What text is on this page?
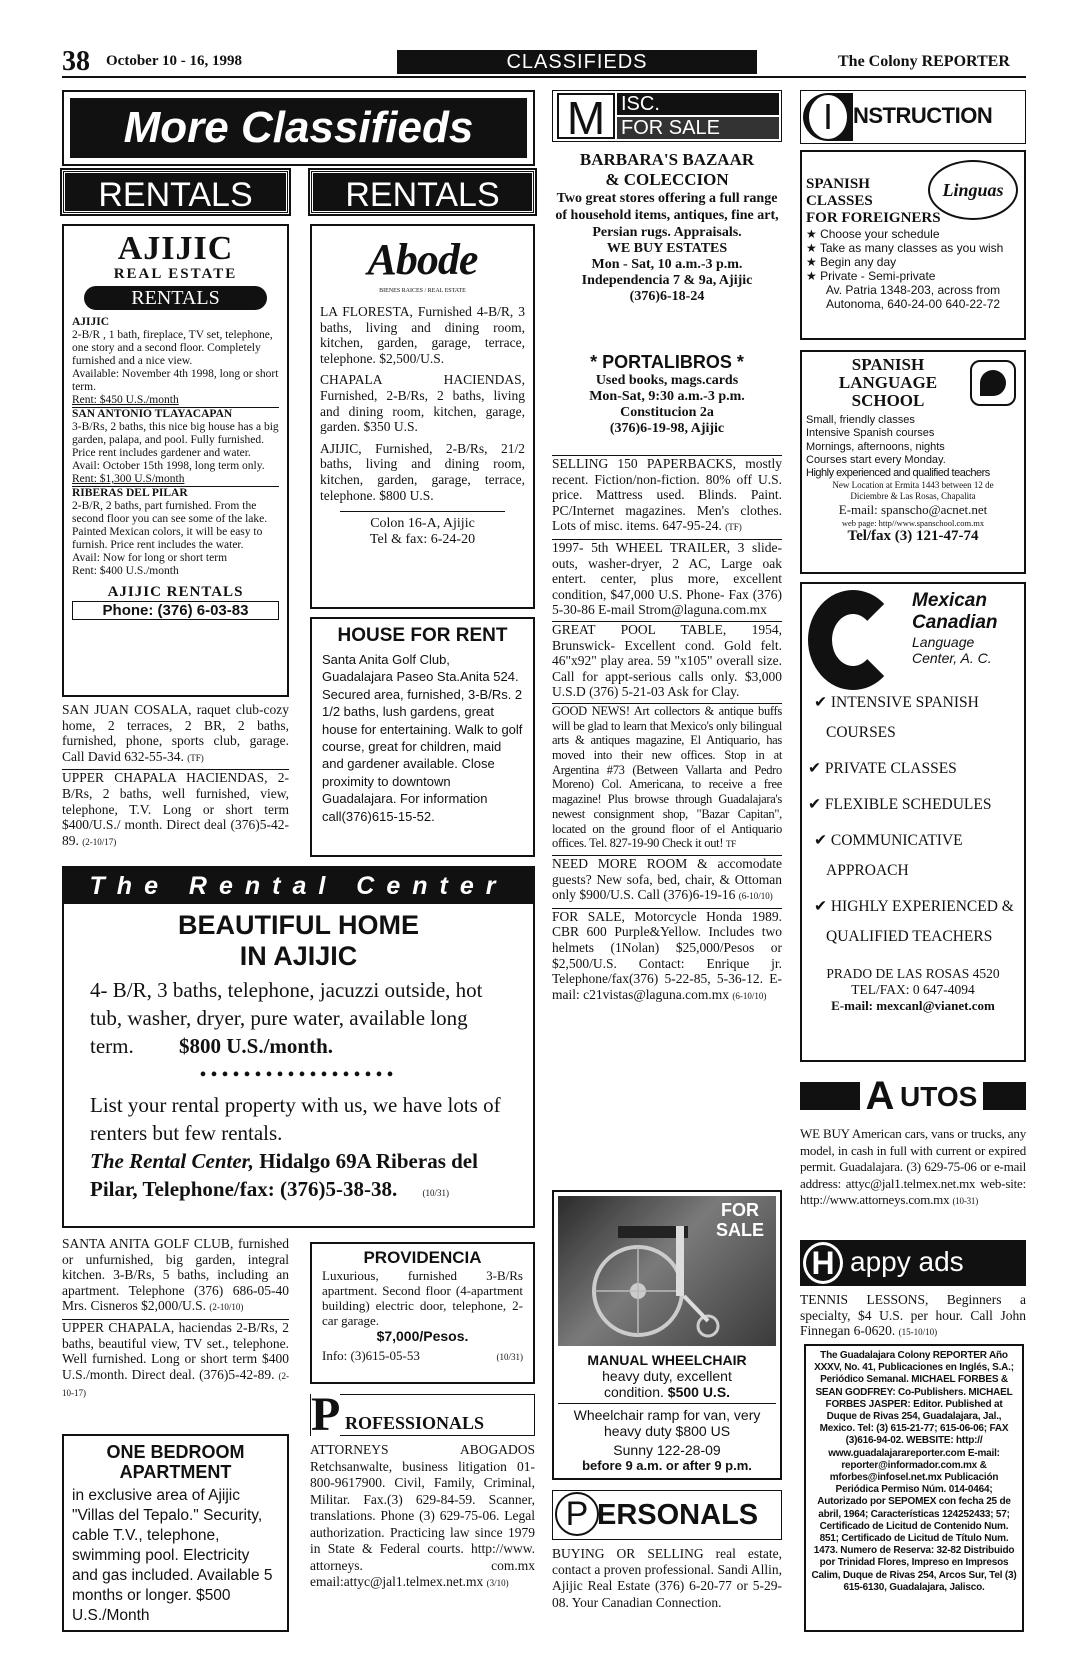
38 October 10 - 16, 1998	CLASSIFIEDS	The Colony REPORTER
More Classifieds
RENTALS	RENTALS
AJIJIC
REAL ESTATE
RENTALS
AJIJIC
2-B/R , 1 bath, fireplace, TV set, telephone, one story and a second floor. Completely furnished and a nice view.
Available: November 4th 1998, long or short term.
Rent: $450 U.S./month
SAN ANTONIO TLAYACAPAN
3-B/Rs, 2 baths, this nice big house has a big garden, palapa, and pool. Fully furnished. Price rent includes gardener and water.
Avail: October 15th 1998, long term only.
Rent: $1,300 U.S/month
RIBERAS DEL PILAR
2-B/R, 2 baths, part furnished. From the second floor you can see some of the lake. Painted Mexican colors, it will be easy to furnish. Price rent includes the water.
Avail: Now for long or short term
Rent: $400 U.S./month
AJIJIC RENTALS
Phone: (376) 6-03-83

SAN JUAN COSALA, raquet club-cozy home, 2 terraces, 2 BR, 2 baths, furnished, phone, sports club, garage. Call David 632-55-34. (TF)

UPPER CHAPALA HACIENDAS, 2-B/Rs, 2 baths, well furnished, view, telephone, T.V. Long or short term $400/U.S./ month. Direct deal (376)5-42-89. (2-10/17)

Abode
BIENES RAICES / REAL ESTATE

LA FLORESTA, Furnished 4-B/R, 3 baths, living and dining room, kitchen, garden, garage, terrace, telephone. $2,500/U.S.

CHAPALA HACIENDAS, Furnished, 2-B/Rs, 2 baths, living and dining room, kitchen, garage, garden. $350 U.S.

AJIJIC, Furnished, 2-B/Rs, 21/2 baths, living and dining room, kitchen, garden, garage, terrace, telephone. $800 U.S.

Colon 16-A, Ajijic
Tel & fax: 6-24-20
HOUSE FOR RENT

Santa Anita Golf Club, Guadalajara Paseo Sta.Anita 524. Secured area, furnished, 3-B/Rs. 2 1/2 baths, lush gardens, great house for entertaining. Walk to golf course, great for children, maid and gardener available. Close proximity to downtown Guadalajara. For information call(376)615-15-52.

The Rental Center
BEAUTIFUL HOME
IN AJIJIC

4- B/R, 3 baths, telephone, jacuzzi outside, hot tub, washer, dryer, pure water, available long term. $800 U.S./month.

••••••••••••••••••

List your rental property with us, we have lots of renters but few rentals.
The Rental Center, Hidalgo 69A Riberas del Pilar, Telephone/fax: (376)5-38-38.	(10/31)

SANTA ANITA GOLF CLUB, furnished or unfurnished, big garden, integral kitchen. 3-B/Rs, 5 baths, including an apartment. Telephone (376) 686-05-40 Mrs. Cisneros $2,000/U.S. (2-10/10)

UPPER CHAPALA, haciendas 2-B/Rs, 2 baths, beautiful view, TV set., telephone. Well furnished. Long or short term $400 U.S./month. Direct deal. (376)5-42-89. (2-10-17)

ONE BEDROOM APARTMENT

in exclusive area of Ajijic "Villas del Tepalo." Security, cable T.V., telephone, swimming pool. Electricity and gas included. Available 5 months or longer. $500 U.S./Month

PROVIDENCIA

Luxurious, furnished 3-B/Rs apartment. Second floor (4-apartment building) electric door, telephone, 2-car garage.

$7,000/Pesos.
Info: (3)615-05-53	(10/31)
P ROFESSIONALS

ATTORNEYS ABOGADOS Retchsanwalte, business litigation 01-800-9617900. Civil, Family, Criminal, Militar. Fax.(3) 629-84-59. Scanner, translations. Phone (3) 629-75-06. Legal authorization. Practicing law since 1979 in State & Federal courts. http://www. attorneys. com.mx email:attyc@jal1.telmex.net.mx (3/10)

M ISC.
FOR SALE
BARBARA'S BAZAAR
& COLECCION

Two great stores offering a full range of household items, antiques, fine art, Persian rugs. Appraisals.

WE BUY ESTATES
Mon - Sat, 10 a.m.-3 p.m.
Independencia 7 & 9a, Ajijic
(376)6-18-24
* PORTALIBROS *
Used books, mags.cards
Mon-Sat, 9:30 a.m.-3 p.m.
Constitucion 2a
(376)6-19-98, Ajijic

SELLING 150 PAPERBACKS, mostly recent. Fiction/non-fiction. 80% off U.S. price. Mattress used. Blinds. Paint. PC/Internet magazines. Men's clothes. Lots of misc. items. 647-95-24. (TF)

1997- 5th WHEEL TRAILER, 3 slide-outs, washer-dryer, 2 AC, Large oak entert. center, plus more, excellent condition, $47,000 U.S. Phone- Fax (376) 5-30-86 E-mail Strom@laguna.com.mx

GREAT POOL TABLE, 1954, Brunswick- Excellent cond. Gold felt. 46"x92" play area. 59 "x105" overall size. Call for appt-serious calls only. $3,000 U.S.D (376) 5-21-03 Ask for Clay.

GOOD NEWS! Art collectors & antique buffs will be glad to learn that Mexico's only bilingual arts & antiques magazine, El Antiquario, has moved into their new offices. Stop in at Argentina #73 (Between Vallarta and Pedro Moreno) Col. Americana, to receive a free magazine! Plus browse through Guadalajara's newest consignment shop, "Bazar Capitan", located on the ground floor of el Antiquario offices. Tel. 827-19-90 Check it out! TF

NEED MORE ROOM & accomodate guests? New sofa, bed, chair, & Ottoman only $900/U.S. Call (376)6-19-16 (6-10/10)

FOR SALE, Motorcycle Honda 1989. CBR 600 Purple&Yellow. Includes two helmets (1Nolan) $25,000/Pesos or $2,500/U.S. Contact: Enrique jr. Telephone/fax(376) 5-22-85, 5-36-12. E-mail: c21vistas@laguna.com.mx (6-10/10)

FOR
SALE
MANUAL WHEELCHAIR
heavy duty, excellent
condition. $500 U.S.

Wheelchair ramp for van, very heavy duty $800 US

Sunny 122-28-09
before 9 a.m. or after 9 p.m.
P ERSONALS

BUYING OR SELLING real estate, contact a proven professional. Sandi Allin, Ajijic Real Estate (376) 6-20-77 or 5-29-08. Your Canadian Connection.

I NSTRUCTION
SPANISH
CLASSES
FOR FOREIGNERS
Linguas
★ Choose your schedule
★ Take as many classes as you wish
★ Begin any day
★ Private - Semi-private
Av. Patria 1348-203, across from Autonoma, 640-24-00 640-22-72
SPANISH
LANGUAGE
SCHOOL
Small, friendly classes
Intensive Spanish courses
Mornings, afternoons, nights
Courses start every Monday.
Highly experienced and qualified teachers
New Location at Ermita 1443 between 12 de Diciembre & Las Rosas, Chapalita
E-mail: spanscho@acnet.net
web page: http//www.spanschool.com.mx
Tel/fax (3) 121-47-74
Mexican
Canadian
Language
Center, A. C.
✔ INTENSIVE SPANISH COURSES
✔ PRIVATE CLASSES
✔ FLEXIBLE SCHEDULES
✔ COMMUNICATIVE APPROACH
✔ HIGHLY EXPERIENCED & QUALIFIED TEACHERS
PRADO DE LAS ROSAS 4520
TEL/FAX: 0 647-4094
E-mail: mexcanl@vianet.com
A UTOS

WE BUY American cars, vans or trucks, any model, in cash in full with current or expired permit. Guadalajara. (3) 629-75-06 or e-mail address: attyc@jal1.telmex.net.mx web-site: http://www.attorneys.com.mx (10-31)

H appy ads

TENNIS LESSONS, Beginners a specialty, $4 U.S. per hour. Call John Finnegan 6-0620. (15-10/10)

The Guadalajara Colony REPORTER Año XXXV, No. 41, Publicaciones en Inglés, S.A.; Periódico Semanal. MICHAEL FORBES & SEAN GODFREY: Co-Publishers. MICHAEL FORBES JASPER: Editor. Published at Duque de Rivas 254, Guadalajara, Jal., Mexico. Tel: (3) 615-21-77; 615-06-06; FAX (3)616-94-02. WEBSITE: http:// www.guadalajarareporter.com E-mail: reporter@informador.com.mx & mforbes@infosel.net.mx Publicación Periódica Permiso Núm. 014-0464; Autorizado por SEPOMEX con fecha 25 de abril, 1964; Características 124252433; 57; Certificado de Licitud de Contenido Num. 851; Certificado de Licitud de Título Num. 1473. Numero de Reserva: 32-82 Distribuido por Trinidad Flores, Impreso en Impresos Calim, Duque de Rivas 254, Arcos Sur, Tel (3) 615-6130, Guadalajara, Jalisco.
